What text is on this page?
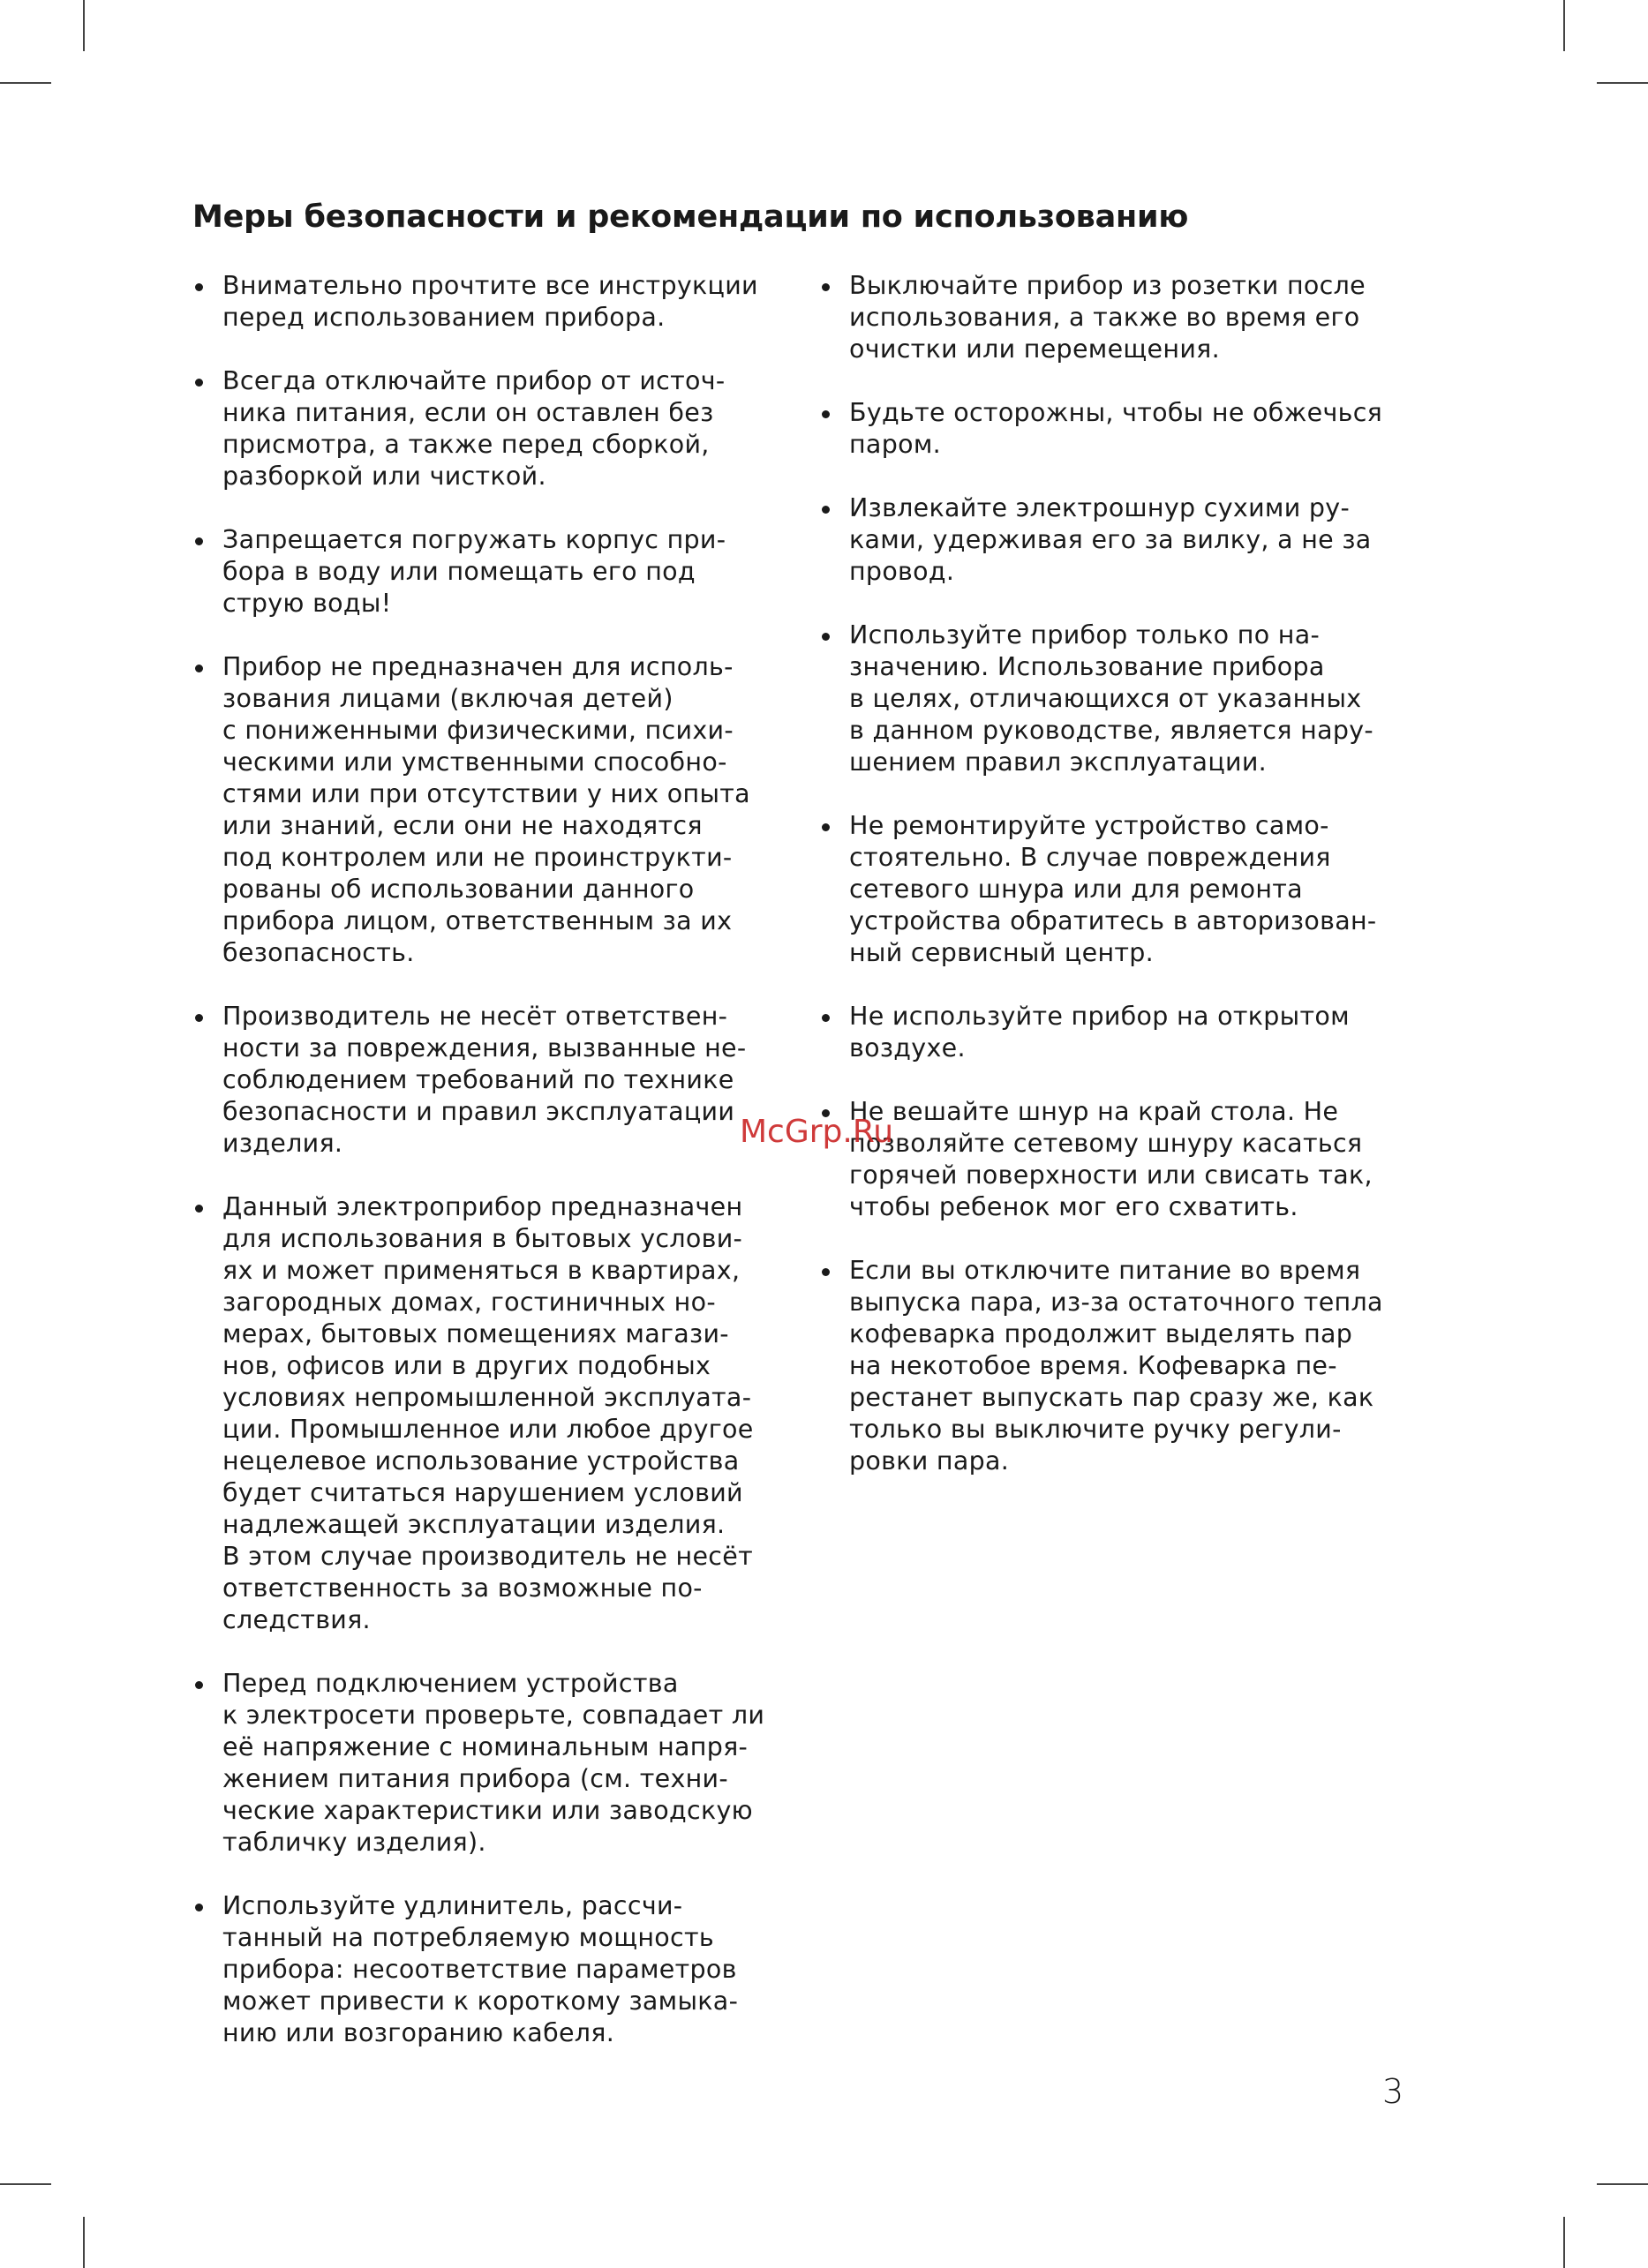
Меры безопасности и рекомендации по использованию
Внимательно прочтите все инструкции
перед использованием прибора.
Всегда отключайте прибор от источ-
ника питания, если он оставлен без
присмотра, а также перед сборкой,
разборкой или чисткой.
Запрещается погружать корпус при-
бора в воду или помещать его под
струю воды!
Прибор не предназначен для исполь-
зования лицами (включая детей)
с пониженными физическими, психи-
ческими или умственными способно-
стями или при отсутствии у них опыта
или знаний, если они не находятся
под контролем или не проинструкти-
рованы об использовании данного
прибора лицом, ответственным за их
безопасность.
Производитель не несёт ответствен-
ности за повреждения, вызванные не-
соблюдением требований по технике
безопасности и правил эксплуатации
изделия.
Данный электроприбор предназначен
для использования в бытовых услови-
ях и может применяться в квартирах,
загородных домах, гостиничных но-
мерах, бытовых помещениях магази-
нов, офисов или в других подобных
условиях непромышленной эксплуата-
ции. Промышленное или любое другое
нецелевое использование устройства
будет считаться нарушением условий
надлежащей эксплуатации изделия.
В этом случае производитель не несёт
ответственность за возможные по-
следствия.
Перед подключением устройства
к электросети проверьте, совпадает ли
её напряжение с номинальным напря-
жением питания прибора (см. техни-
ческие характеристики или заводскую
табличку изделия).
Используйте удлинитель, рассчи-
танный на потребляемую мощность
прибора: несоответствие параметров
может привести к короткому замыка-
нию или возгоранию кабеля.
Выключайте прибор из розетки после
использования, а также во время его
очистки или перемещения.
Будьте осторожны, чтобы не обжечься
паром.
Извлекайте электрошнур сухими ру-
ками, удерживая его за вилку, а не за
провод.
Используйте прибор только по на-
значению. Использование прибора
в целях, отличающихся от указанных
в данном руководстве, является нару-
шением правил эксплуатации.
Не ремонтируйте устройство само-
стоятельно. В случае повреждения
сетевого шнура или для ремонта
устройства обратитесь в авторизован-
ный сервисный центр.
Не используйте прибор на открытом
воздухе.
Не вешайте шнур на край стола. Не
позволяйте сетевому шнуру касаться
горячей поверхности или свисать так,
чтобы ребенок мог его схватить.
Если вы отключите питание во время
выпуска пара, из-за остаточного тепла
кофеварка продолжит выделять пар
на некотобое время. Кофеварка пе-
рестанет выпускать пар сразу же, как
только вы выключите ручку регули-
ровки пара.
McGrp.Ru
3
